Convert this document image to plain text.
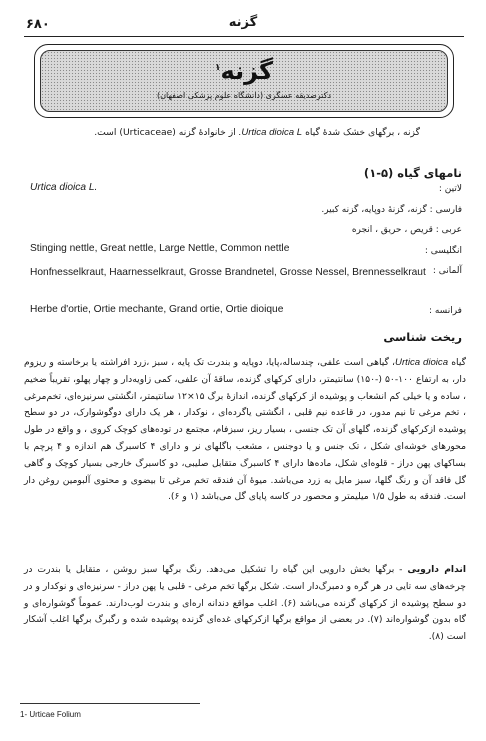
۶۸۰	گزنه
گزنه$^۱$
دکترصدیقه عسگری (دانشگاه علوم پزشکی اصفهان)
گزنه ، برگهای خشک شدهٔ گیاه Urtica dioica L. از خانوادهٔ گزنه (Urticaceae) است.
نامهای گیاه (۵-۱)
لاتین :
Urtica dioica L.
فارسی : گزنه، گزنهٔ دوپایه، گزنه کبیر.
عربی : قریص ، حریق ، انجره
انگلیسی :
Stinging nettle, Great nettle, Large Nettle, Common nettle
آلمانی :
Honfnesselkraut, Haarnesselkraut, Grosse Brandnetel, Grosse Nessel, Brennesselkraut
فرانسه :
Herbe d'ortie, Ortie mechante, Grand ortie, Ortie dioique
ریخت شناسی
گیاه Urtica dioica، گیاهی است علفی، چندساله،پایا، دوپایه و بندرت تک پایه ، سبز ،زرد افراشته یا برخاسته و ریزوم دار، به ارتفاع ۱۰۰-۵۰ (-۱۵۰) سانتیمتر، دارای کرکهای گزنده، ساقهٔ آن علفی، کمی زاویه‌دار و چهار پهلو، تقریباً ضخیم ، ساده و یا خیلی کم انشعاب و پوشیده از کرکهای گزنده، اندازهٔ برگ ۱۵×۱۲ سانتیمتر، انگشتی سرنیزه‌ای، تخم‌مرغی ، تخم مرغی تا نیم مدور، در قاعده نیم قلبی ، انگشتی یاگرده‌ای ، نوکدار ، هر یک دارای دوگوشوارک، در دو سطح پوشیده ازکرکهای گزنده، گلهای آن تک جنسی ، بسیار ریز، سبزفام، مجتمع در توده‌های کوچک کروی ، و واقع در طول محورهای خوشه‌ای شکل ، تک جنس و یا دوجنس ، مشعب باگلهای نر و دارای ۴ کاسبرگ هم اندازه و ۴ پرچم با بساکهای پهن دراز - قلوه‌ای شکل، ماده‌ها دارای ۴ کاسبرگ متقابل صلیبی، دو کاسبرگ خارجی بسیار کوچک و گاهی گل فاقد آن و رنگ گلها، سبز مایل به زرد می‌باشد. میوهٔ آن فندقه تخم مرغی تا بیضوی و محتوی آلبومین روغن دار است. فندقه به طول ۱/۵ میلیمتر و محصور در کاسه پایای گل می‌باشد (۱ و ۶).
اندام دارویی - برگها بخش دارویی این گیاه را تشکیل می‌دهد. رنگ برگها سبز روشن ، متقابل یا بندرت در چرخه‌های سه تایی در هر گره و دمبرگ‌دار است. شکل برگها تخم مرغی - قلبی یا پهن دراز - سرنیزه‌ای و نوکدار و در دو سطح پوشیده از کرکهای گزنده می‌باشد (۶). اغلب مواقع دندانه اره‌ای و بندرت لوب‌دارند. عموماً گوشواره‌ای و گاه بدون گوشواره‌اند (۷). در بعضی از مواقع برگها ازکرکهای غده‌ای گزنده پوشیده شده و رگبرگ برگها اغلب آشکار است (۸).
1- Urticae Folium
